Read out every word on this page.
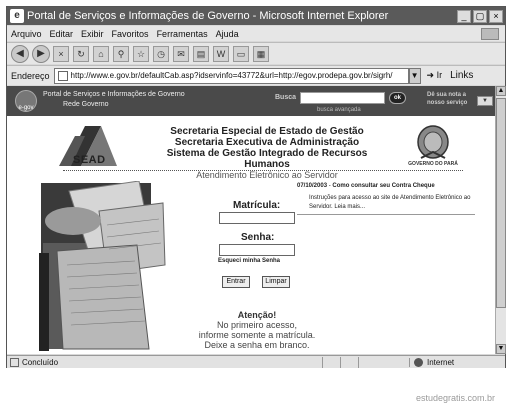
e Portal de Serviços e Informações de Governo - Microsoft Internet Explorer	_	▢	×
Arquivo Editar Exibir Favoritos Ferramentas Ajuda
◀	▶	×	↻	⌂	⚲	☆	◷	✉	▤	W	▭	▦
Endereço	http://www.e.gov.br/defaultCab.asp?idservinfo=43772&url=http://egov.prodepa.gov.br/sigrh/ ▼ ➜ Ir Links
e-gov
Portal de Serviços e Informações de Governo
Rede Governo
Busca	ok
busca avançada
Dê sua nota a nosso serviço	▼
SEAD
Secretaria Especial de Estado de Gestão
Secretaria Executiva de Administração
Sistema de Gestão Integrado de Recursos Humanos
Atendimento Eletrônico ao Servidor
GOVERNO DO PARÁ
Matrícula:
Senha:
Esqueci minha Senha
Entrar	Limpar
Atenção!
No primeiro acesso,
informe somente a matrícula.
Deixe a senha em branco.
07/10/2003 - Como consultar seu Contra Cheque
Instruções para acesso ao site de Atendimento Eletrônico ao Servidor. Leia mais...
▲
▼
Concluído	Internet
estudegratis.com.br
